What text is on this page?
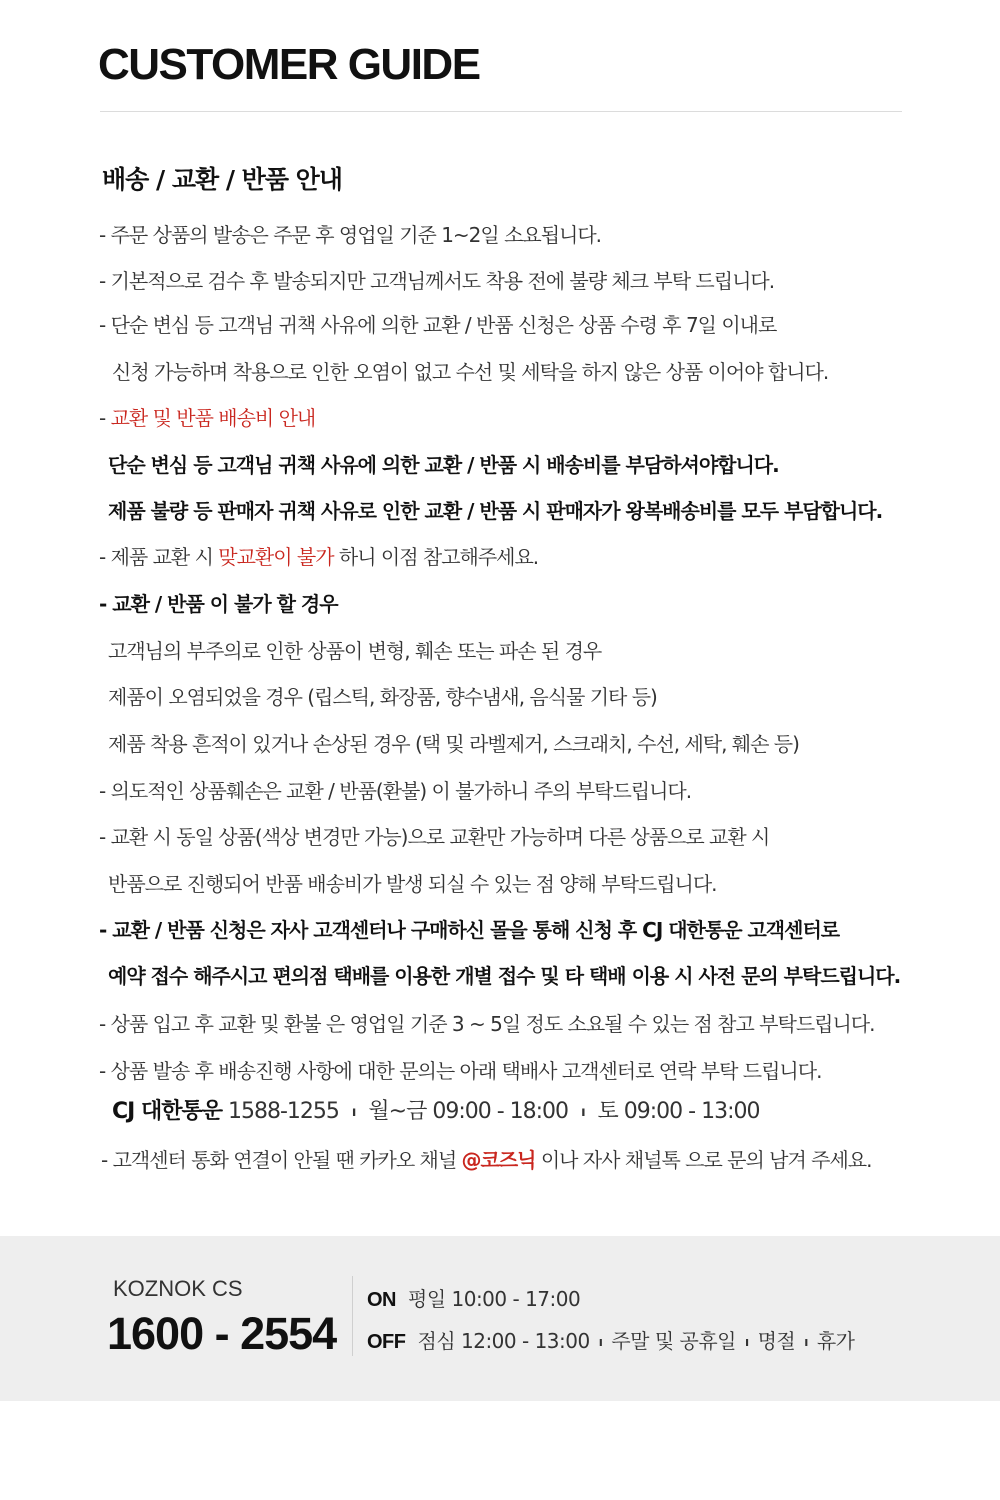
CUSTOMER GUIDE
배송 / 교환 / 반품 안내
- 주문 상품의 발송은 주문 후 영업일 기준 1~2일 소요됩니다.
- 기본적으로 검수 후 발송되지만 고객님께서도 착용 전에 불량 체크 부탁 드립니다.
- 단순 변심 등 고객님 귀책 사유에 의한 교환 / 반품 신청은 상품 수령 후 7일 이내로
신청 가능하며 착용으로 인한 오염이 없고 수선 및 세탁을 하지 않은 상품 이어야 합니다.
- 교환 및 반품 배송비 안내
단순 변심 등 고객님 귀책 사유에 의한 교환 / 반품 시 배송비를 부담하셔야합니다.
제품 불량 등 판매자 귀책 사유로 인한 교환 / 반품 시 판매자가 왕복배송비를 모두 부담합니다.
- 제품 교환 시 맞교환이 불가 하니 이점 참고해주세요.
- 교환 / 반품 이 불가 할 경우
고객님의 부주의로 인한 상품이 변형, 훼손 또는 파손 된 경우
제품이 오염되었을 경우 (립스틱, 화장품, 향수냄새, 음식물 기타 등)
제품 착용 흔적이 있거나 손상된 경우 (택 및 라벨제거, 스크래치, 수선, 세탁, 훼손 등)
- 의도적인 상품훼손은 교환 / 반품(환불) 이 불가하니 주의 부탁드립니다.
- 교환 시 동일 상품(색상 변경만 가능)으로 교환만 가능하며 다른 상품으로 교환 시
반품으로 진행되어 반품 배송비가 발생 되실 수 있는 점 양해 부탁드립니다.
- 교환 / 반품 신청은 자사 고객센터나 구매하신 몰을 통해 신청 후 CJ 대한통운 고객센터로
예약 접수 해주시고 편의점 택배를 이용한 개별 접수 및 타 택배 이용 시 사전 문의 부탁드립니다.
- 상품 입고 후 교환 및 환불 은 영업일 기준 3 ~ 5일 정도 소요될 수 있는 점 참고 부탁드립니다.
- 상품 발송 후 배송진행 사항에 대한 문의는 아래 택배사 고객센터로 연락 부탁 드립니다.
CJ 대한통운 1588-1255 ı 월~금 09:00 - 18:00 ı 토 09:00 - 13:00
- 고객센터 통화 연결이 안될 땐 카카오 채널 @코즈닉 이나 자사 채널톡 으로 문의 남겨 주세요.
KOZNOK CS
1600 - 2554
ON 평일 10:00 - 17:00
OFF 점심 12:00 - 13:00 ı 주말 및 공휴일 ı 명절 ı 휴가
